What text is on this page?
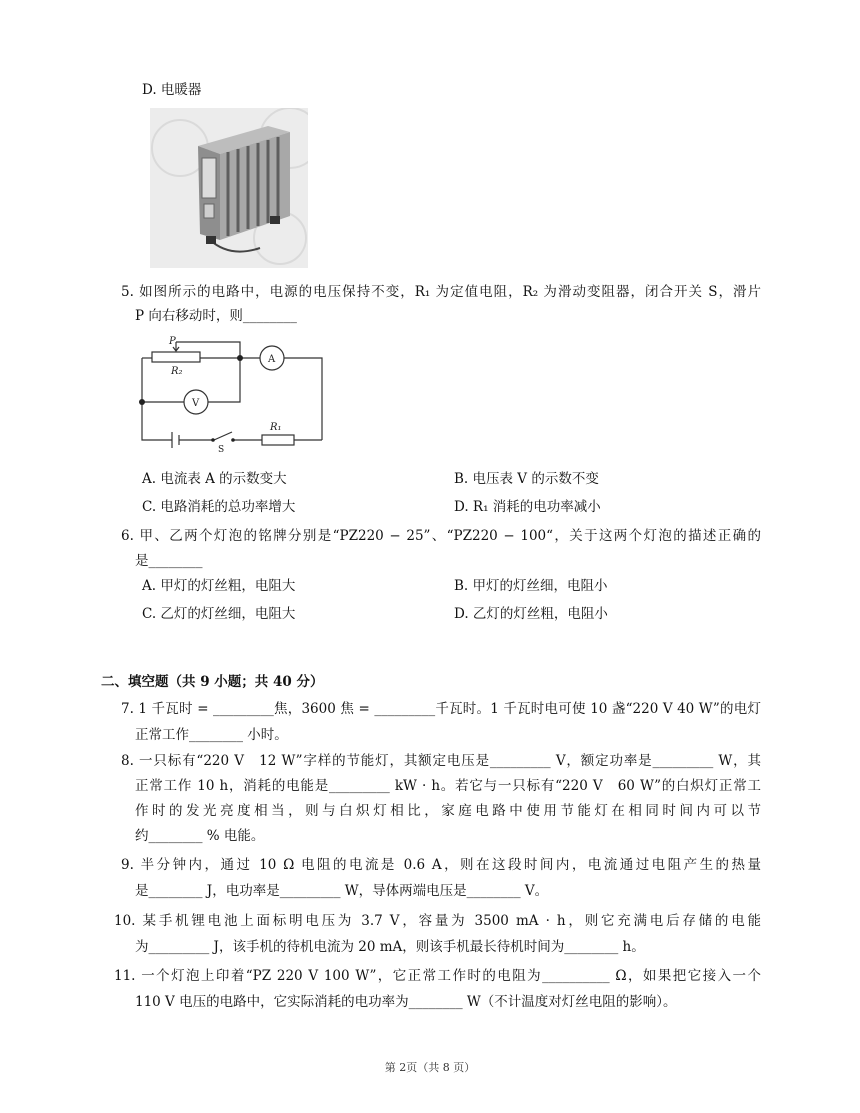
D. 电暖器
5. 如图所示的电路中，电源的电压保持不变，R₁ 为定值电阻，R₂ 为滑动变阻器，闭合开关 S，滑片
P 向右移动时，则________
P
R₂
A
V
R₁
S
A. 电流表 A 的示数变大	B. 电压表 V 的示数不变
C. 电路消耗的总功率增大	D. R₁ 消耗的电功率减小
6. 甲、乙两个灯泡的铭牌分别是“PZ220 − 25”、“PZ220 − 100“，关于这两个灯泡的描述正确的
是________
A. 甲灯的灯丝粗，电阻大	B. 甲灯的灯丝细，电阻小
C. 乙灯的灯丝细，电阻大	D. 乙灯的灯丝粗，电阻小
二、填空题（共 9 小题；共 40 分）
7. 1 千瓦时 = _________焦，3600 焦 = _________千瓦时。1 千瓦时电可使 10 盏“220 V 40 W”的电灯
正常工作________ 小时。
8. 一只标有“220 V　12 W”字样的节能灯，其额定电压是_________ V，额定功率是_________ W，其
正常工作 10 h，消耗的电能是_________ kW · h。若它与一只标有“220 V　60 W”的白炽灯正常工
作时的发光亮度相当，则与白炽灯相比，家庭电路中使用节能灯在相同时间内可以节
约________ % 电能。
9. 半分钟内，通过 10 Ω 电阻的电流是 0.6 A，则在这段时间内，电流通过电阻产生的热量
是________ J，电功率是_________ W，导体两端电压是________ V。
10. 某手机锂电池上面标明电压为 3.7 V，容量为 3500 mA · h，则它充满电后存储的电能
为_________ J，该手机的待机电流为 20 mA，则该手机最长待机时间为________ h。
11. 一个灯泡上印着“PZ 220 V 100 W”，它正常工作时的电阻为__________ Ω，如果把它接入一个
110 V 电压的电路中，它实际消耗的电功率为________ W（不计温度对灯丝电阻的影响）。
第 2页（共 8 页）
